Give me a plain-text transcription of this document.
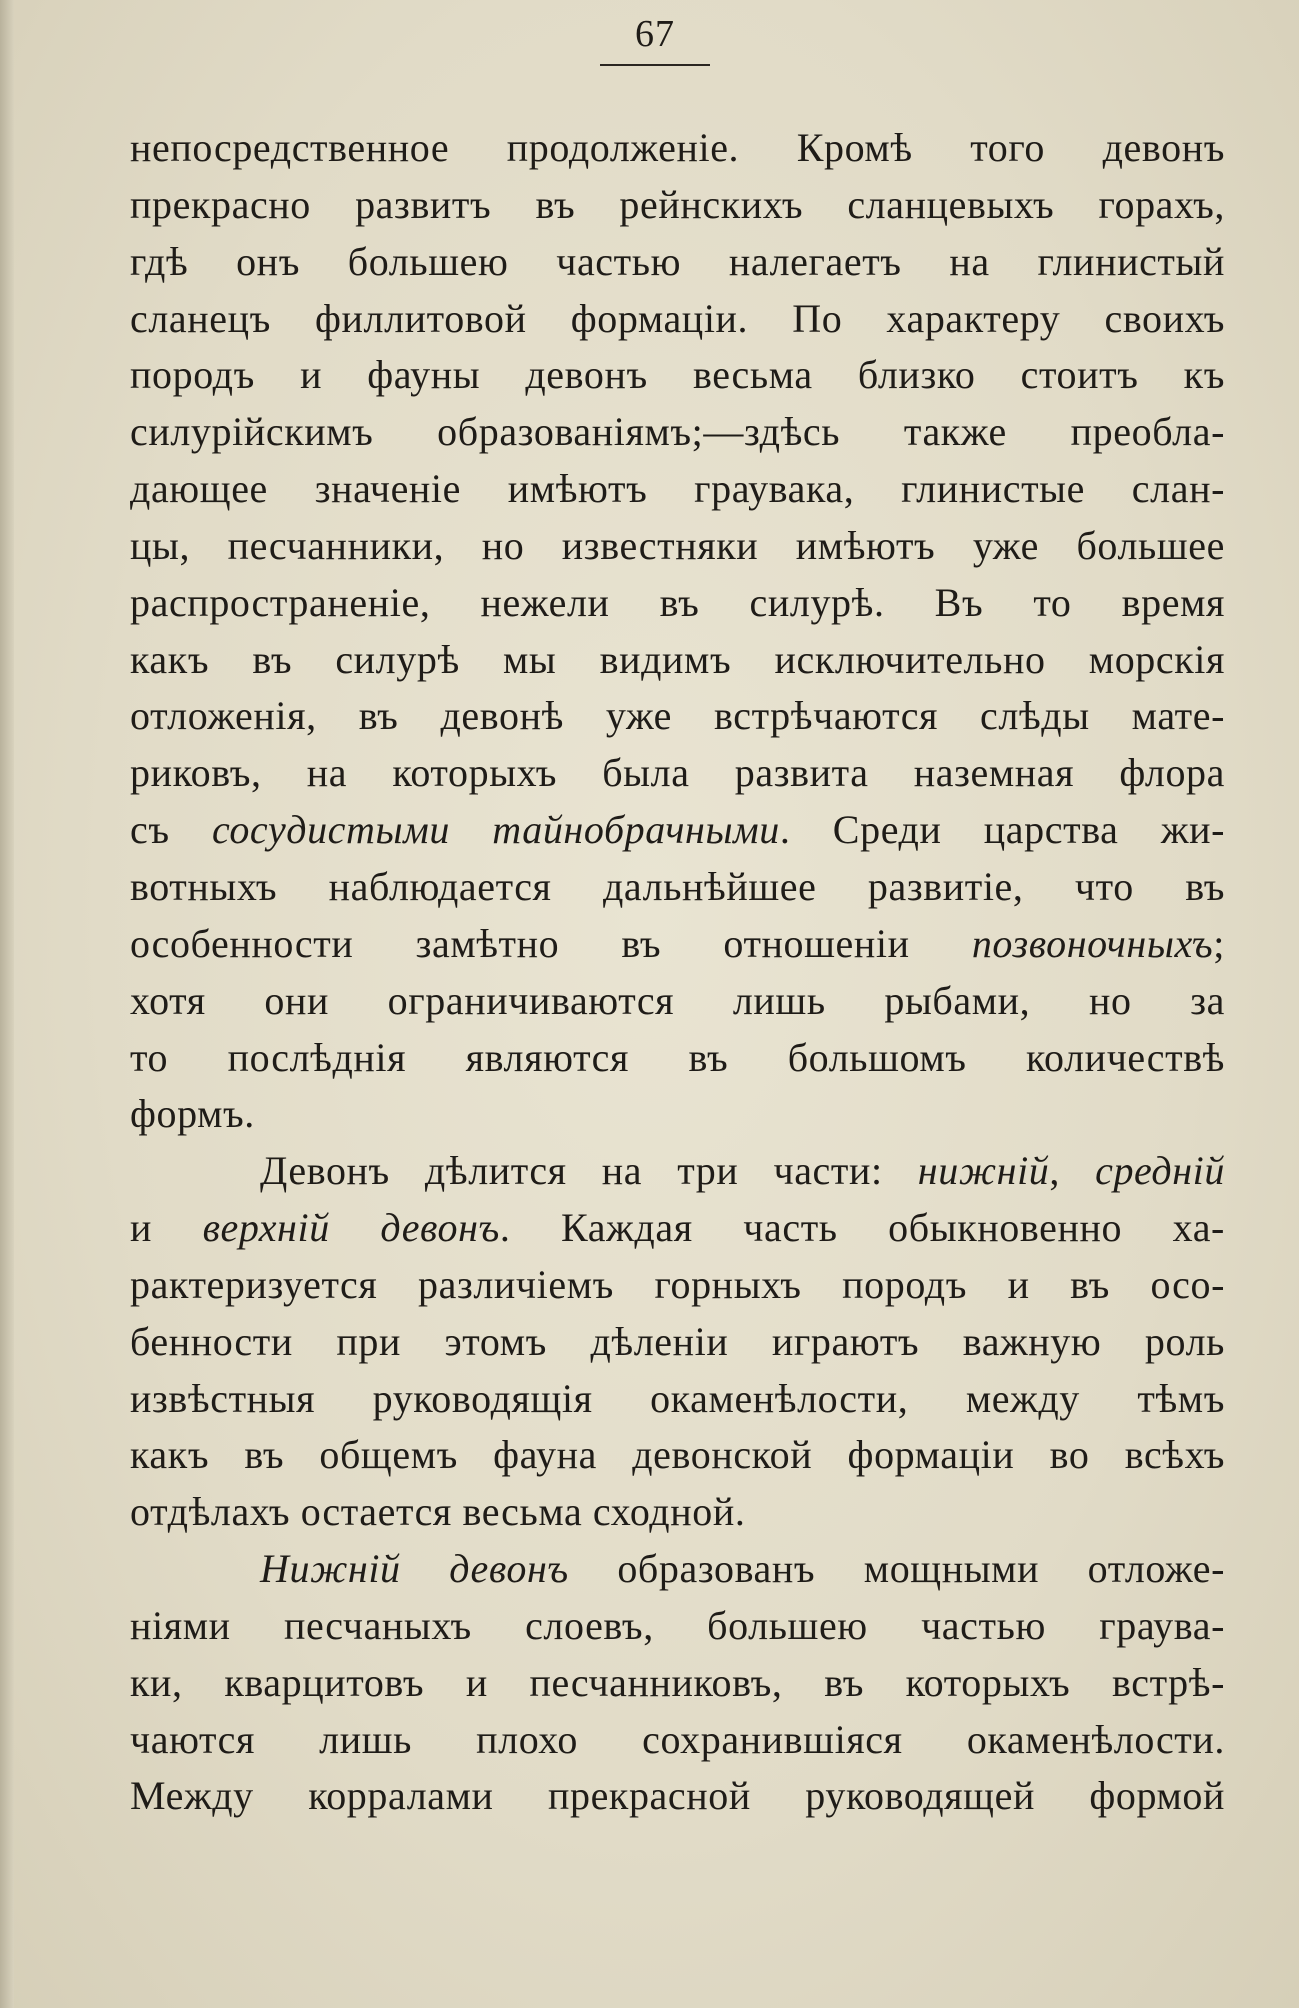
67
непосредственное продолженіе. Кромѣ того девонъ
прекрасно развитъ въ рейнскихъ сланцевыхъ горахъ,
гдѣ онъ большею частью налегаетъ на глинистый
сланецъ филлитовой формаціи. По характеру своихъ
породъ и фауны девонъ весьма близко стоитъ къ
силурійскимъ образованіямъ;—здѣсь также преобла-
дающее значеніе имѣютъ граувака, глинистые слан-
цы, песчанники, но известняки имѣютъ уже большее
распространеніе, нежели въ силурѣ. Въ то время
какъ въ силурѣ мы видимъ исключительно морскія
отложенія, въ девонѣ уже встрѣчаются слѣды мате-
риковъ, на которыхъ была развита наземная флора
съ сосудистыми тайнобрачными. Среди царства жи-
вотныхъ наблюдается дальнѣйшее развитіе, что въ
особенности замѣтно въ отношеніи позвоночныхъ;
хотя они ограничиваются лишь рыбами, но за
то послѣднія являются въ большомъ количествѣ
формъ.
Девонъ дѣлится на три части: нижній, средній
и верхній девонъ. Каждая часть обыкновенно ха-
рактеризуется различіемъ горныхъ породъ и въ осо-
бенности при этомъ дѣленіи играютъ важную роль
извѣстныя руководящія окаменѣлости, между тѣмъ
какъ въ общемъ фауна девонской формаціи во всѣхъ
отдѣлахъ остается весьма сходной.
Нижній девонъ образованъ мощными отложе-
ніями песчаныхъ слоевъ, большею частью граува-
ки, кварцитовъ и песчанниковъ, въ которыхъ встрѣ-
чаются лишь плохо сохранившіяся окаменѣлости.
Между корралами прекрасной руководящей формой
